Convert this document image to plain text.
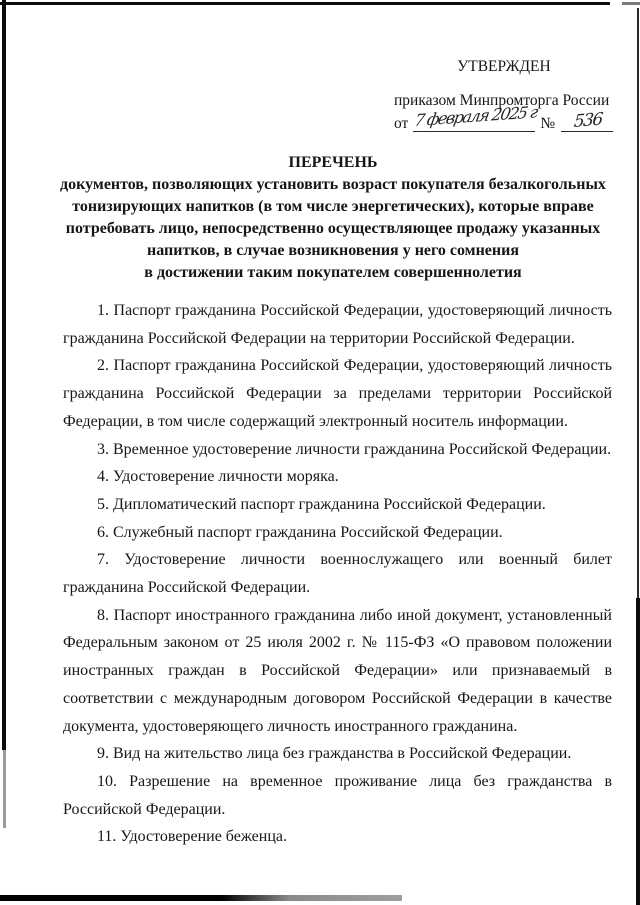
УТВЕРЖДЕН
приказом Минпромторга России
от 7 февраля 2025 г №	536
ПЕРЕЧЕНЬ
документов, позволяющих установить возраст покупателя безалкогольных
тонизирующих напитков (в том числе энергетических), которые вправе
потребовать лицо, непосредственно осуществляющее продажу указанных
напитков, в случае возникновения у него сомнения
в достижении таким покупателем совершеннолетия

1. Паспорт гражданина Российской Федерации, удостоверяющий личность гражданина Российской Федерации на территории Российской Федерации.

2. Паспорт гражданина Российской Федерации, удостоверяющий личность гражданина Российской Федерации за пределами территории Российской Федерации, в том числе содержащий электронный носитель информации.

3. Временное удостоверение личности гражданина Российской Федерации.

4. Удостоверение личности моряка.

5. Дипломатический паспорт гражданина Российской Федерации.

6. Служебный паспорт гражданина Российской Федерации.

7. Удостоверение личности военнослужащего или военный билет гражданина Российской Федерации.

8. Паспорт иностранного гражданина либо иной документ, установленный Федеральным законом от 25 июля 2002 г. № 115-ФЗ «О правовом положении иностранных граждан в Российской Федерации» или признаваемый в соответствии с международным договором Российской Федерации в качестве документа, удостоверяющего личность иностранного гражданина.

9. Вид на жительство лица без гражданства в Российской Федерации.

10. Разрешение на временное проживание лица без гражданства в Российской Федерации.

11. Удостоверение беженца.
